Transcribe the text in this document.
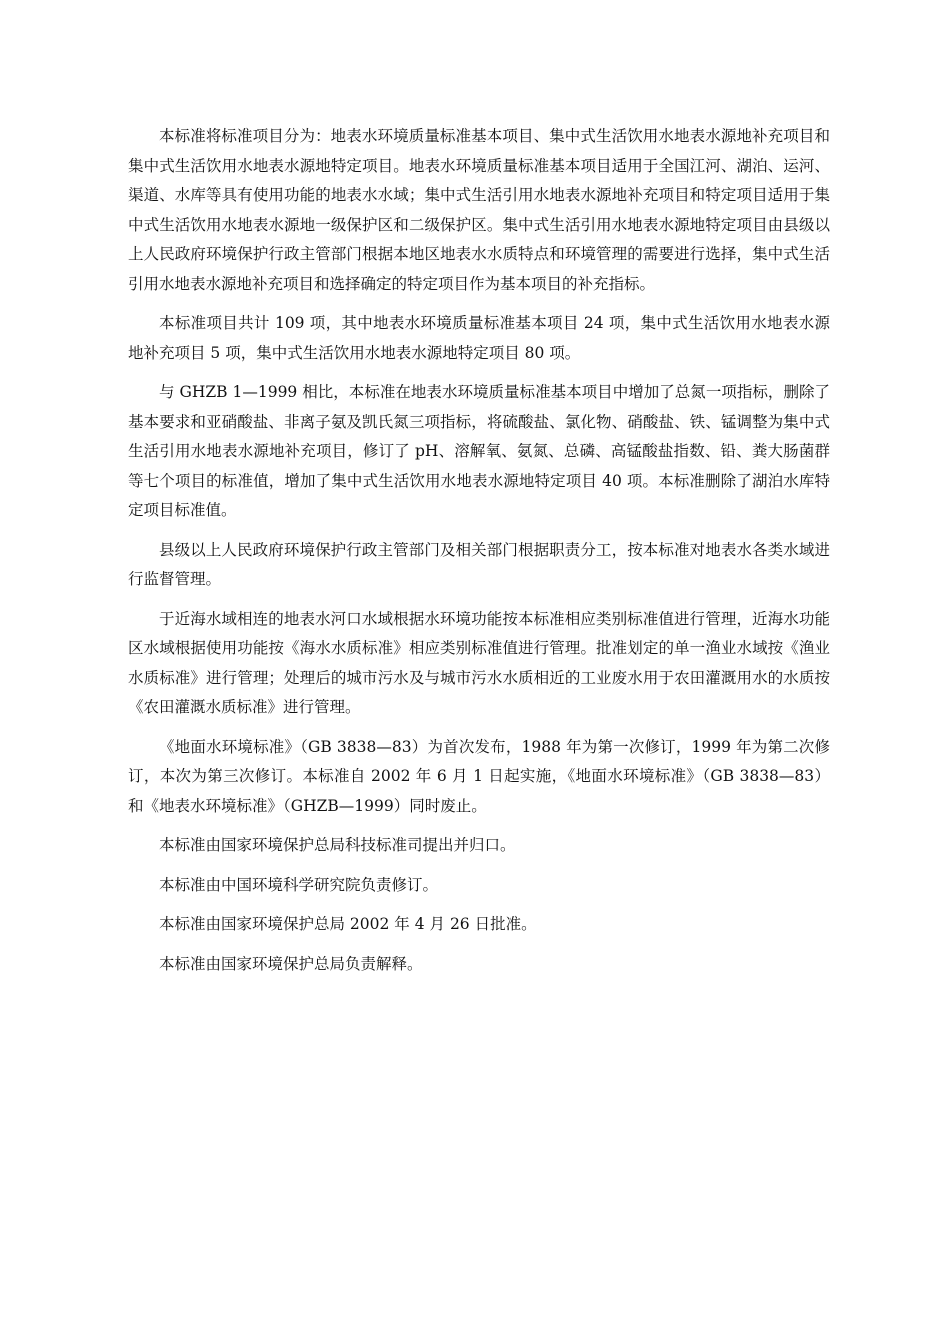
本标准将标准项目分为：地表水环境质量标准基本项目、集中式生活饮用水地表水源地补充项目和集中式生活饮用水地表水源地特定项目。地表水环境质量标准基本项目适用于全国江河、湖泊、运河、渠道、水库等具有使用功能的地表水水域；集中式生活引用水地表水源地补充项目和特定项目适用于集中式生活饮用水地表水源地一级保护区和二级保护区。集中式生活引用水地表水源地特定项目由县级以上人民政府环境保护行政主管部门根据本地区地表水水质特点和环境管理的需要进行选择，集中式生活引用水地表水源地补充项目和选择确定的特定项目作为基本项目的补充指标。

本标准项目共计 109 项，其中地表水环境质量标准基本项目 24 项，集中式生活饮用水地表水源地补充项目 5 项，集中式生活饮用水地表水源地特定项目 80 项。

与 GHZB 1—1999 相比，本标准在地表水环境质量标准基本项目中增加了总氮一项指标，删除了基本要求和亚硝酸盐、非离子氨及凯氏氮三项指标，将硫酸盐、氯化物、硝酸盐、铁、锰调整为集中式生活引用水地表水源地补充项目，修订了 pH、溶解氧、氨氮、总磷、高锰酸盐指数、铅、粪大肠菌群等七个项目的标准值，增加了集中式生活饮用水地表水源地特定项目 40 项。本标准删除了湖泊水库特定项目标准值。

县级以上人民政府环境保护行政主管部门及相关部门根据职责分工，按本标准对地表水各类水域进行监督管理。

于近海水域相连的地表水河口水域根据水环境功能按本标准相应类别标准值进行管理，近海水功能区水域根据使用功能按《海水水质标准》相应类别标准值进行管理。批准划定的单一渔业水域按《渔业水质标准》进行管理；处理后的城市污水及与城市污水水质相近的工业废水用于农田灌溉用水的水质按《农田灌溉水质标准》进行管理。

《地面水环境标准》（GB 3838—83）为首次发布，1988 年为第一次修订，1999 年为第二次修订，本次为第三次修订。本标准自 2002 年 6 月 1 日起实施，《地面水环境标准》（GB 3838—83）和《地表水环境标准》（GHZB—1999）同时废止。

本标准由国家环境保护总局科技标准司提出并归口。

本标准由中国环境科学研究院负责修订。

本标准由国家环境保护总局 2002 年 4 月 26 日批准。

本标准由国家环境保护总局负责解释。
